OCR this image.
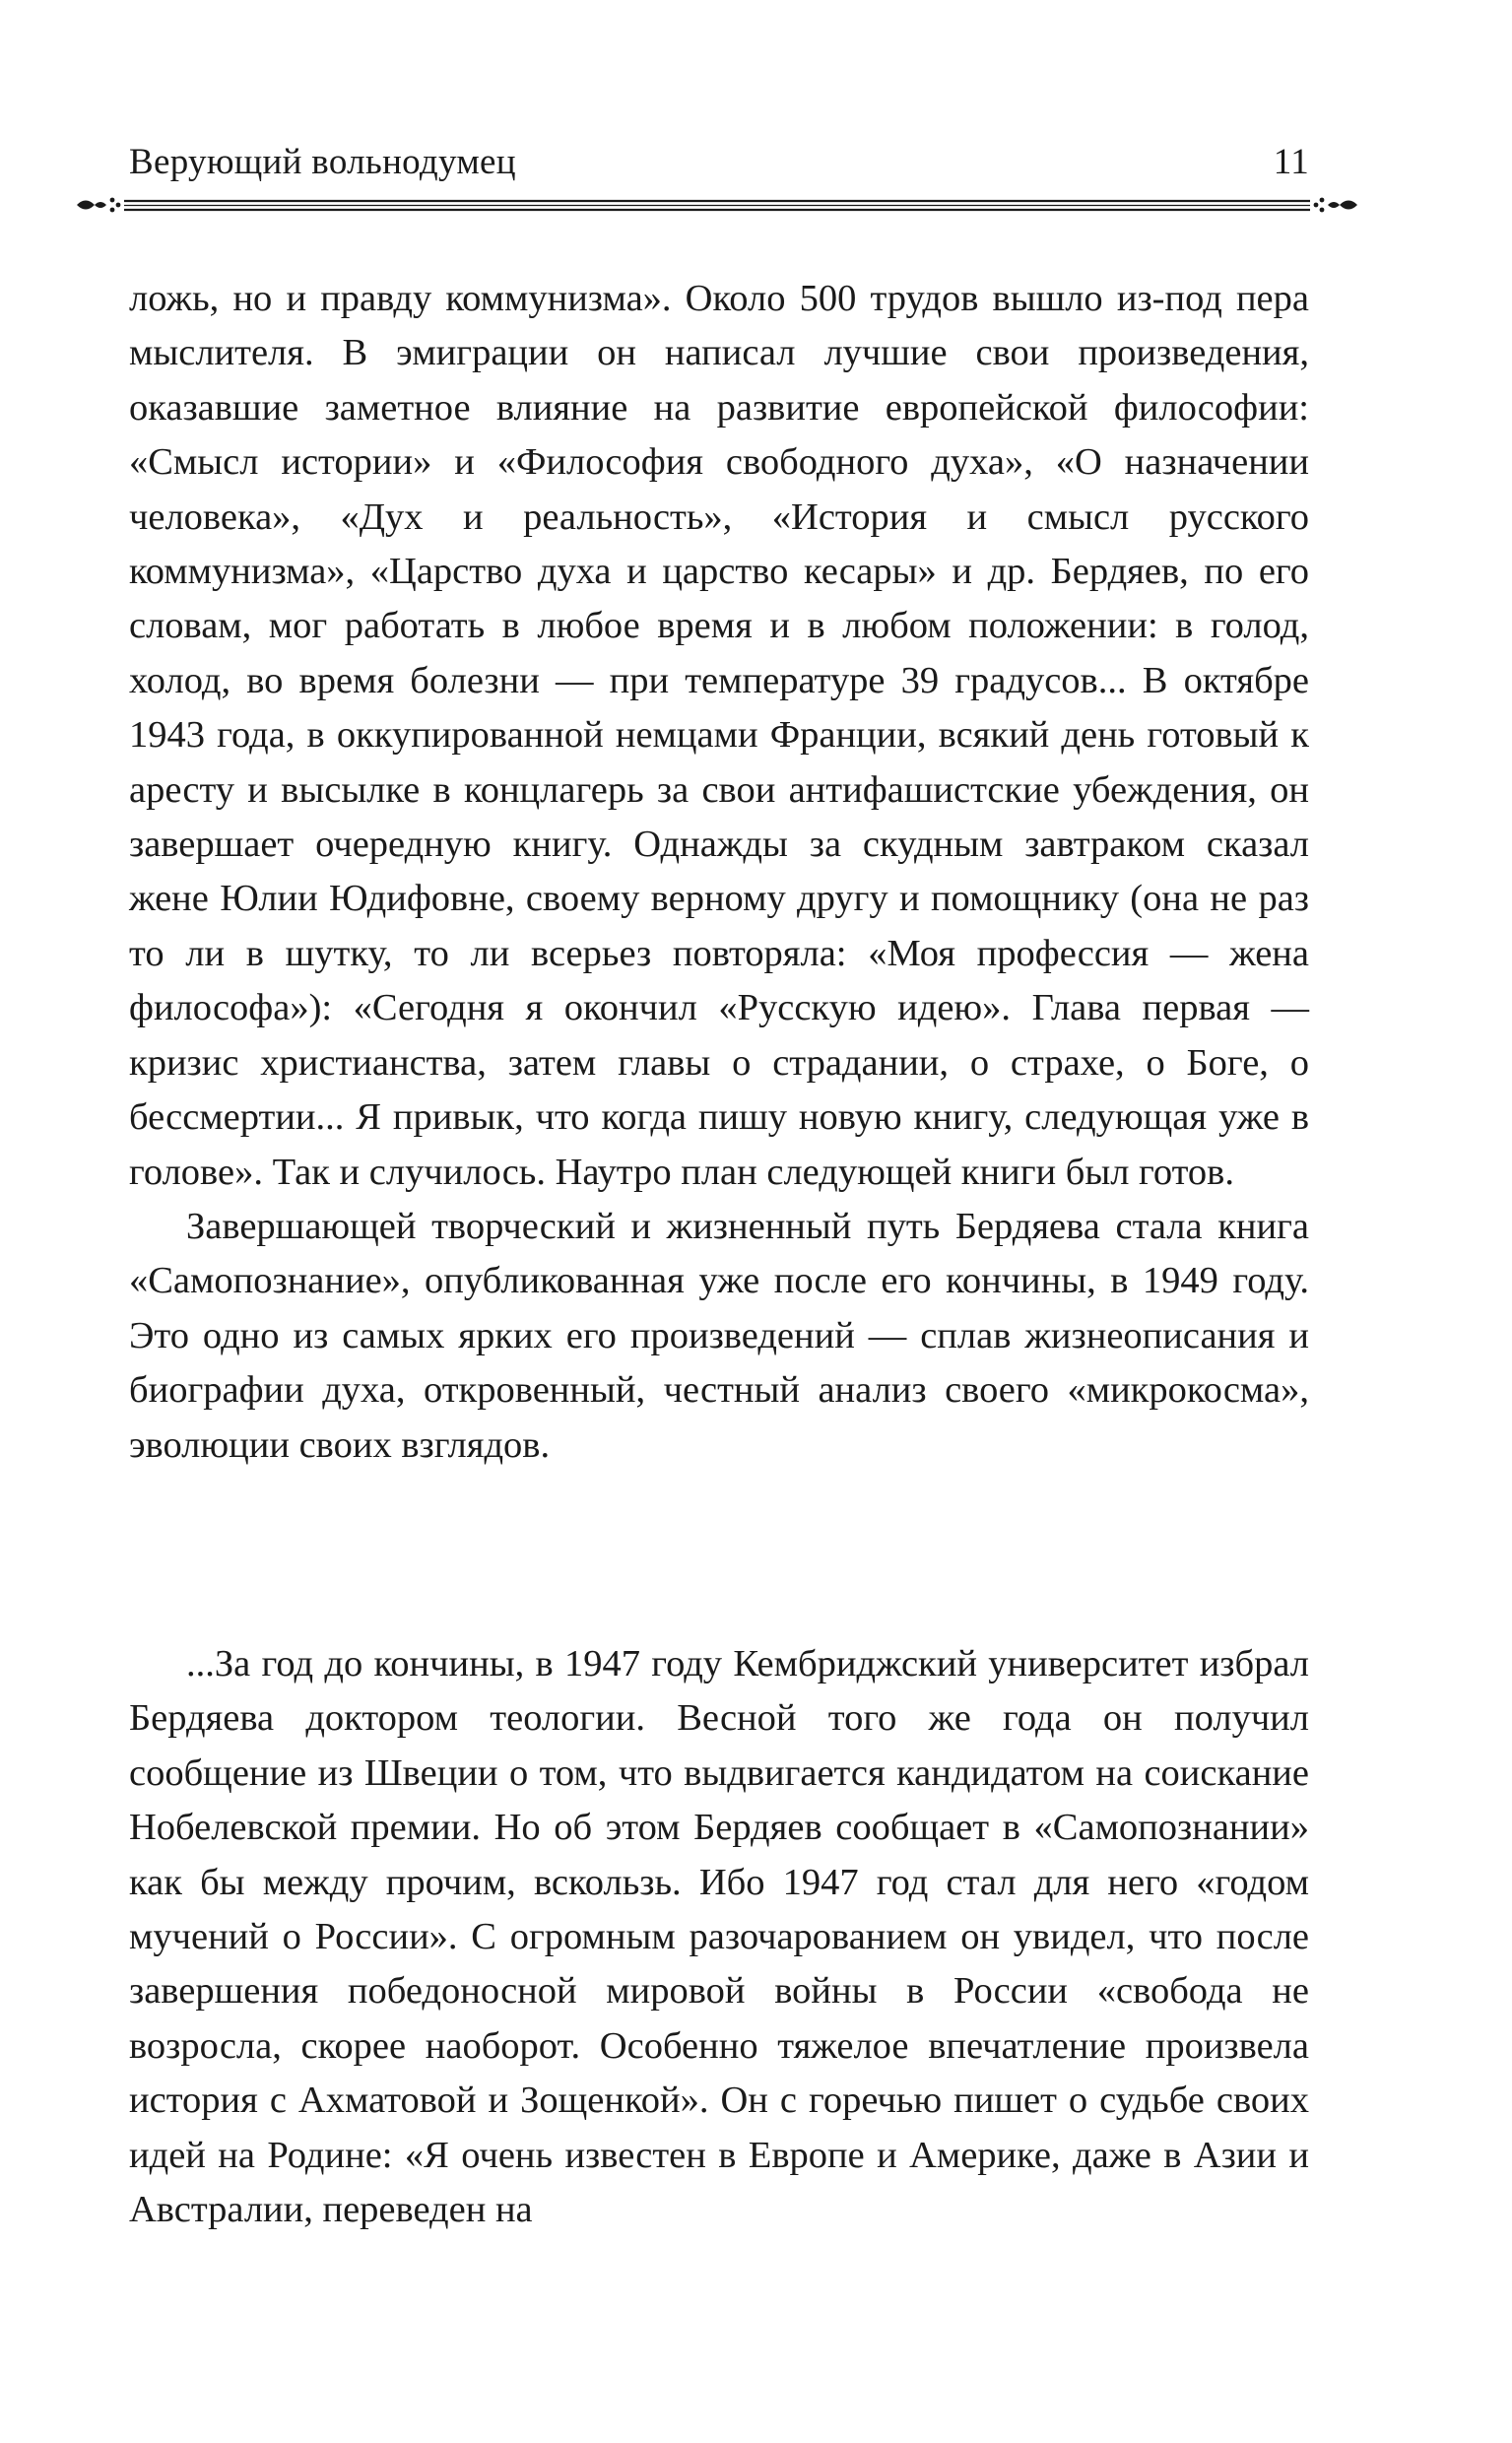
Верующий вольнодумец	11

ложь, но и правду коммунизма». Около 500 трудов вышло из-под пера мыслителя. В эмиграции он написал лучшие свои произведения, оказавшие заметное влияние на развитие европейской философии: «Смысл истории» и «Философия свободного духа», «О назначении человека», «Дух и реальность», «История и смысл русского коммунизма», «Царство духа и царство кесары» и др. Бердяев, по его словам, мог работать в любое время и в любом положении: в голод, холод, во время болезни — при температуре 39 градусов... В октябре 1943 года, в оккупированной немцами Франции, всякий день готовый к аресту и высылке в концлагерь за свои антифашистские убеждения, он завершает очередную книгу. Однажды за скудным завтраком сказал жене Юлии Юдифовне, своему верному другу и помощнику (она не раз то ли в шутку, то ли всерьез повторяла: «Моя профессия — жена философа»): «Сегодня я окончил «Русскую идею». Глава первая — кризис христианства, затем главы о страдании, о страхе, о Боге, о бессмертии... Я привык, что когда пишу новую книгу, следующая уже в голове». Так и случилось. Наутро план следующей книги был готов.

Завершающей творческий и жизненный путь Бердяева стала книга «Самопознание», опубликованная уже после его кончины, в 1949 году. Это одно из самых ярких его произведений — сплав жизнеописания и биографии духа, откровенный, честный анализ своего «микрокосма», эволюции своих взглядов.

...За год до кончины, в 1947 году Кембриджский университет избрал Бердяева доктором теологии. Весной того же года он получил сообщение из Швеции о том, что выдвигается кандидатом на соискание Нобелевской премии. Но об этом Бердяев сообщает в «Самопознании» как бы между прочим, вскользь. Ибо 1947 год стал для него «годом мучений о России». С огромным разочарованием он увидел, что после завершения победоносной мировой войны в России «свобода не возросла, скорее наоборот. Особенно тяжелое впечатление произвела история с Ахматовой и Зощенкой». Он с горечью пишет о судьбе своих идей на Родине: «Я очень известен в Европе и Америке, даже в Азии и Австралии, переведен на
